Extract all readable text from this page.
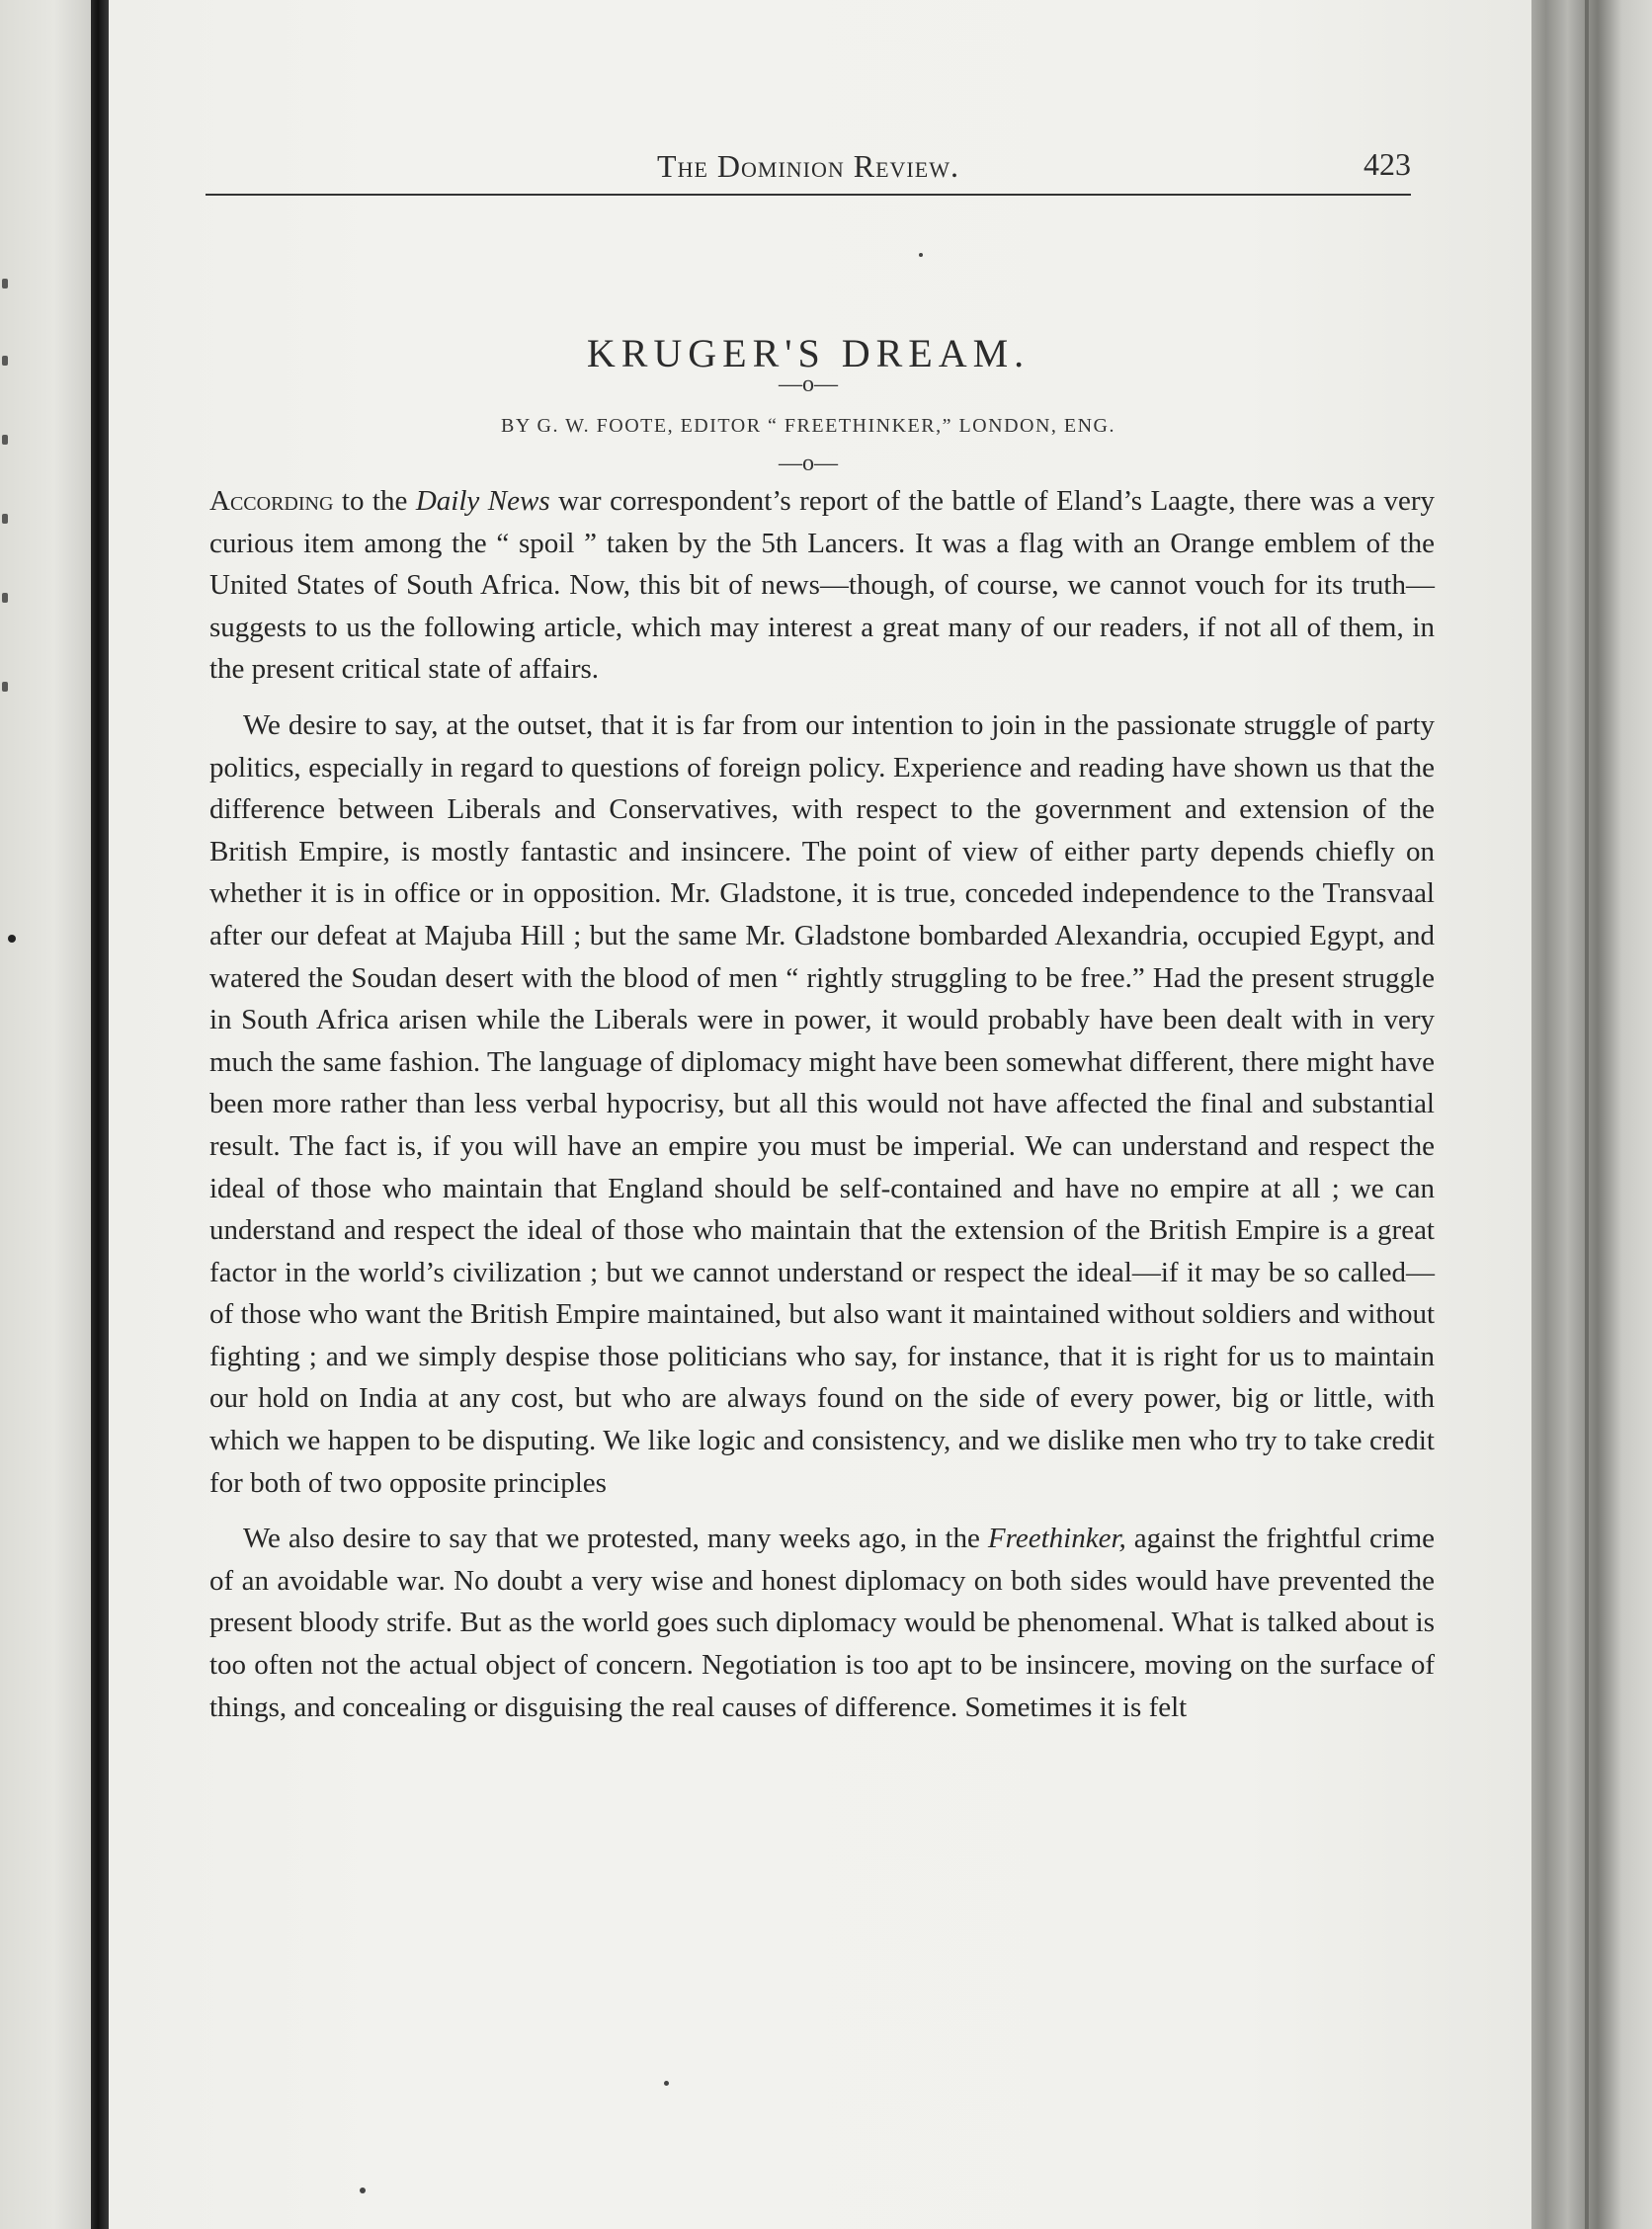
The Dominion Review.	423
KRUGER'S DREAM.
—o—
BY G. W. FOOTE, EDITOR “ FREETHINKER,” LONDON, ENG.
—o—

According to the Daily News war correspondent’s report of the battle of Eland’s Laagte, there was a very curious item among the “ spoil ” taken by the 5th Lancers. It was a flag with an Orange emblem of the United States of South Africa. Now, this bit of news—though, of course, we cannot vouch for its truth—suggests to us the following article, which may interest a great many of our readers, if not all of them, in the present critical state of affairs.

We desire to say, at the outset, that it is far from our intention to join in the passionate struggle of party politics, especially in regard to questions of foreign policy. Experience and reading have shown us that the difference between Liberals and Conservatives, with respect to the government and extension of the British Empire, is mostly fantastic and insincere. The point of view of either party depends chiefly on whether it is in office or in opposition. Mr. Gladstone, it is true, conceded independence to the Transvaal after our defeat at Majuba Hill ; but the same Mr. Gladstone bombarded Alexandria, occupied Egypt, and watered the Soudan desert with the blood of men “ rightly struggling to be free.” Had the present struggle in South Africa arisen while the Liberals were in power, it would probably have been dealt with in very much the same fashion. The language of diplomacy might have been somewhat different, there might have been more rather than less verbal hypocrisy, but all this would not have affected the final and substantial result. The fact is, if you will have an empire you must be imperial. We can understand and respect the ideal of those who maintain that England should be self-contained and have no empire at all ; we can understand and respect the ideal of those who maintain that the extension of the British Empire is a great factor in the world’s civilization ; but we cannot understand or respect the ideal—if it may be so called—of those who want the British Empire maintained, but also want it maintained without soldiers and without fighting ; and we simply despise those politicians who say, for instance, that it is right for us to maintain our hold on India at any cost, but who are always found on the side of every power, big or little, with which we happen to be disputing. We like logic and consistency, and we dislike men who try to take credit for both of two opposite principles

We also desire to say that we protested, many weeks ago, in the Freethinker, against the frightful crime of an avoidable war. No doubt a very wise and honest diplomacy on both sides would have prevented the present bloody strife. But as the world goes such diplomacy would be phenomenal. What is talked about is too often not the actual object of concern. Negotiation is too apt to be insincere, moving on the surface of things, and concealing or disguising the real causes of difference. Sometimes it is felt
